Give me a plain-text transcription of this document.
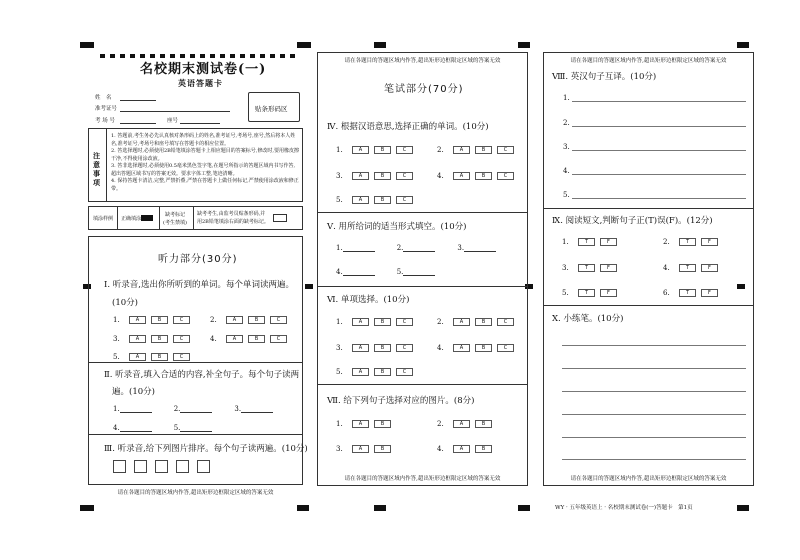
名校期末测试卷(一)
英语答题卡
姓　名
准考证号
考 场 号	座号
贴条形码区
注意事项
1. 答题前,考生务必先认真核对条形码上的姓名,准考证号,考场号,座号,然后将本人姓名,准考证号,考场号和座号填写在答题卡的相应位置。
2. 答选择题时,必须使用2B铅笔填涂答题卡上相应题目的答案标号,修改时,要用橡皮擦干净,不得使用涂改液。
3. 答非选择题时,必须使用0.5毫米黑色签字笔,在题号所指示的答题区域内书写作答,超出答题区域书写的答案无效。要求字体工整,笔迹清晰。
4. 保持答题卡清洁,完整,严禁折叠,严禁在答题卡上做任何标记,严禁使用涂改液和修正带。
填涂样例 正确填涂
缺考标记
(考生禁填)
缺考考生,由监考员贴条形码,并用2B铅笔填涂右面的缺考标记。
听力部分(30分)
Ⅰ. 听录音,选出你所听到的单词。每个单词读两遍。
(10分)
1.	A	B	C	2.	A	B	C
3.	A	B	C	4.	A	B	C
5.	A	B	C
Ⅱ. 听录音,填入合适的内容,补全句子。每个句子读两
遍。(10分)
1.	2.	3.
4.	5.
Ⅲ. 听录音,给下列图片排序。每个句子读两遍。(10分)
请在各题目的答题区域内作答,超出矩形边框限定区域的答案无效
请在各题目的答题区域内作答,超出矩形边框限定区域的答案无效
笔试部分(70分)
Ⅳ. 根据汉语意思,选择正确的单词。(10分)
1.	A	B	C	2.	A	B	C
3.	A	B	C	4.	A	B	C
5.	A	B	C
Ⅴ. 用所给词的适当形式填空。(10分)
1.	2.	3.
4.	5.
Ⅵ. 单项选择。(10分)
1.	A	B	C	2.	A	B	C
3.	A	B	C	4.	A	B	C
5.	A	B	C
Ⅶ. 给下列句子选择对应的图片。(8分)
1.	A	B	2.	A	B
3.	A	B	4.	A	B
请在各题目的答题区域内作答,超出矩形边框限定区域的答案无效
请在各题目的答题区域内作答,超出矩形边框限定区域的答案无效
Ⅷ. 英汉句子互译。(10分)
1.
2.
3.
4.
5.
Ⅸ. 阅读短文,判断句子正(T)误(F)。(12分)
1.	T	F	2.	T	F
3.	T	F	4.	T	F
5.	T	F	6.	T	F
Ⅹ. 小练笔。(10分)
请在各题目的答题区域内作答,超出矩形边框限定区域的答案无效
WY · 五年级英语上 · 名校期末测试卷(一)答题卡　第1页
